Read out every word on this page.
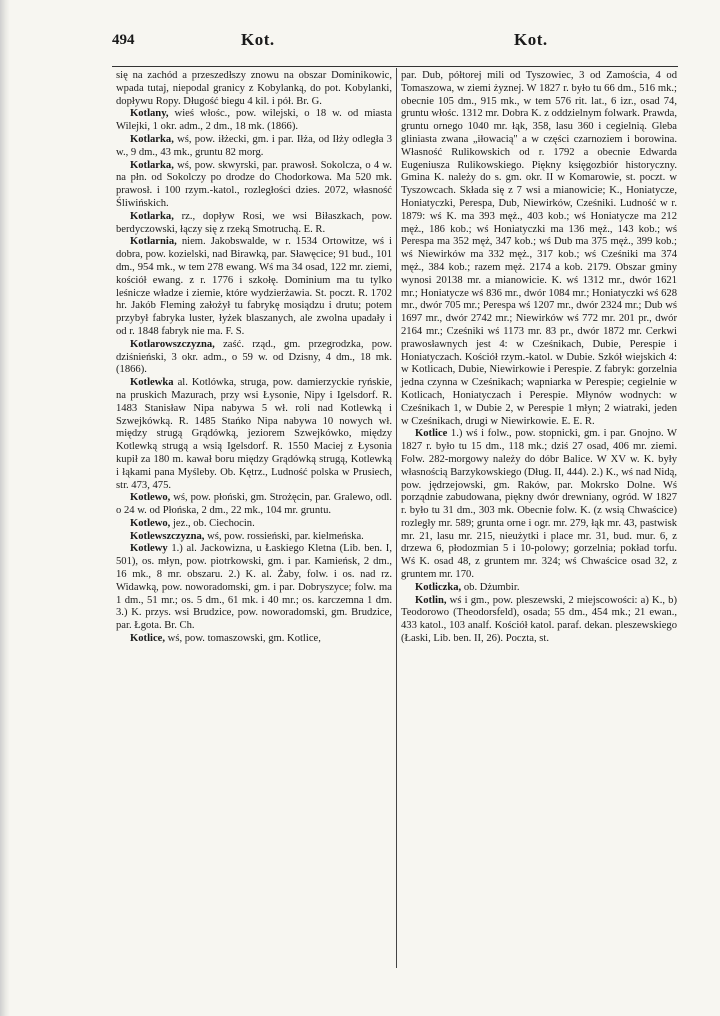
494	Kot.	Kot.

się na zachód a przeszedłszy znowu na obszar Dominikowic, wpada tutaj, niepodal granicy z Kobylanką, do pot. Kobylanki, dopływu Ropy. Długość biegu 4 kil. i pół. Br. G.

Kotlany, wieś włośc., pow. wilejski, o 18 w. od miasta Wilejki, 1 okr. adm., 2 dm., 18 mk. (1866).

Kotlarka, wś, pow. iłżecki, gm. i par. Iłża, od Iłży odległa 3 w., 9 dm., 43 mk., gruntu 82 morg.

Kotlarka, wś, pow. skwyrski, par. prawosł. Sokolcza, o 4 w. na płn. od Sokolczy po drodze do Chodorkowa. Ma 520 mk. prawosł. i 100 rzym.-katol., rozległości dzies. 2072, własność Śliwińskich.

Kotlarka, rz., dopływ Rosi, we wsi Biłaszkach, pow. berdyczowski, łączy się z rzeką Smotruchą. E. R.

Kotlarnia, niem. Jakobswalde, w r. 1534 Ortowitze, wś i dobra, pow. kozielski, nad Birawką, par. Sławęcice; 91 bud., 101 dm., 954 mk., w tem 278 ewang. Wś ma 34 osad, 122 mr. ziemi, kościół ewang. z r. 1776 i szkołę. Dominium ma tu tylko leśnicze władze i ziemie, które wydzierżawia. St. poczt. R. 1702 hr. Jakób Fleming założył tu fabrykę mosiądzu i drutu; potem przybył fabryka luster, łyżek blaszanych, ale zwolna upadały i od r. 1848 fabryk nie ma. F. S.

Kotlarowszczyzna, zaść. rząd., gm. przegrodzka, pow. dziśnieński, 3 okr. adm., o 59 w. od Dzisny, 4 dm., 18 mk. (1866).

Kotlewka al. Kotlówka, struga, pow. damierzyckie ryńskie, na pruskich Mazurach, przy wsi Łysonie, Nipy i Igelsdorf. R. 1483 Stanisław Nipa nabywa 5 wł. roli nad Kotlewką i Szwejkówką. R. 1485 Stańko Nipa nabywa 10 nowych wł. między strugą Grądówką, jeziorem Szwejkówko, między Kotlewką strugą a wsią Igelsdorf. R. 1550 Maciej z Łysonia kupił za 180 m. kawał boru między Grądówką strugą, Kotlewką i łąkami pana Myśleby. Ob. Kętrz., Ludność polska w Prusiech, str. 473, 475.

Kotlewo, wś, pow. płoński, gm. Strożęcin, par. Gralewo, odl. o 24 w. od Płońska, 2 dm., 22 mk., 104 mr. gruntu.

Kotlewo, jez., ob. Ciechocin.

Kotlewszczyzna, wś, pow. rossieński, par. kielmeńska.

Kotlewy 1.) al. Jackowizna, u Łaskiego Kletna (Lib. ben. I, 501), os. młyn, pow. piotrkowski, gm. i par. Kamieńsk, 2 dm., 16 mk., 8 mr. obszaru. 2.) K. al. Żaby, folw. i os. nad rz. Widawką, pow. noworadomski, gm. i par. Dobryszyce; folw. ma 1 dm., 51 mr.; os. 5 dm., 61 mk. i 40 mr.; os. karczemna 1 dm. 3.) K. przys. wsi Brudzice, pow. noworadomski, gm. Brudzice, par. Łgota. Br. Ch.

Kotlice, wś, pow. tomaszowski, gm. Kotlice,

par. Dub, półtorej mili od Tyszowiec, 3 od Zamościa, 4 od Tomaszowa, w ziemi żyznej. W 1827 r. było tu 66 dm., 516 mk.; obecnie 105 dm., 915 mk., w tem 576 rit. lat., 6 izr., osad 74, gruntu włośc. 1312 mr. Dobra K. z oddzielnym folwark. Prawda, gruntu ornego 1040 mr. łąk, 358, lasu 360 i cegielnią. Gleba gliniasta zwana „iłowacią" a w części czarnoziem i borowina. Własność Rulikowskich od r. 1792 a obecnie Edwarda Eugeniusza Rulikowskiego. Piękny księgozbiór historyczny. Gmina K. należy do s. gm. okr. II w Komarowie, st. poczt. w Tyszowcach. Składa się z 7 wsi a mianowicie; K., Honiatycze, Honiatyczki, Perespa, Dub, Niewirków, Cześniki. Ludność w r. 1879: wś K. ma 393 męż., 403 kob.; wś Honiatycze ma 212 męż., 186 kob.; wś Honiatyczki ma 136 męż., 143 kob.; wś Perespa ma 352 męż, 347 kob.; wś Dub ma 375 męż., 399 kob.; wś Niewirków ma 332 męż., 317 kob.; wś Cześniki ma 374 męż., 384 kob.; razem męż. 2174 a kob. 2179. Obszar gminy wynosi 20138 mr. a mianowicie. K. wś 1312 mr., dwór 1621 mr.; Honiatycze wś 836 mr., dwór 1084 mr.; Honiatyczki wś 628 mr., dwór 705 mr.; Perespa wś 1207 mr., dwór 2324 mr.; Dub wś 1697 mr., dwór 2742 mr.; Niewirków wś 772 mr. 201 pr., dwór 2164 mr.; Cześniki wś 1173 mr. 83 pr., dwór 1872 mr. Cerkwi prawosławnych jest 4: w Cześnikach, Dubie, Perespie i Honiatyczach. Kościół rzym.-katol. w Dubie. Szkół wiejskich 4: w Kotlicach, Dubie, Niewirkowie i Perespie. Z fabryk: gorzelnia jedna czynna w Cześnikach; wapniarka w Perespie; cegielnie w Kotlicach, Honiatyczach i Perespie. Młynów wodnych: w Cześnikach 1, w Dubie 2, w Perespie 1 młyn; 2 wiatraki, jeden w Cześnikach, drugi w Niewirkowie. E. E. R.

Kotlice 1.) wś i folw., pow. stopnicki, gm. i par. Gnojno. W 1827 r. było tu 15 dm., 118 mk.; dziś 27 osad, 406 mr. ziemi. Folw. 282-morgowy należy do dóbr Balice. W XV w. K. były własnością Barzykowskiego (Dług. II, 444). 2.) K., wś nad Nidą, pow. jędrzejowski, gm. Raków, par. Mokrsko Dolne. Wś porządnie zabudowana, piękny dwór drewniany, ogród. W 1827 r. było tu 31 dm., 303 mk. Obecnie folw. K. (z wsią Chwaścice) rozległy mr. 589; grunta orne i ogr. mr. 279, łąk mr. 43, pastwisk mr. 21, lasu mr. 215, nieużytki i place mr. 31, bud. mur. 6, z drzewa 6, płodozmian 5 i 10-polowy; gorzelnia; pokład torfu. Wś K. osad 48, z gruntem mr. 324; wś Chwaścice osad 32, z gruntem mr. 170.

Kotliczka, ob. Dżumbir.

Kotlin, wś i gm., pow. pleszewski, 2 miejscowości: a) K., b) Teodorowo (Theodorsfeld), osada; 55 dm., 454 mk.; 21 ewan., 433 katol., 103 analf. Kościół katol. paraf. dekan. pleszewskiego (Łaski, Lib. ben. II, 26). Poczta, st.
